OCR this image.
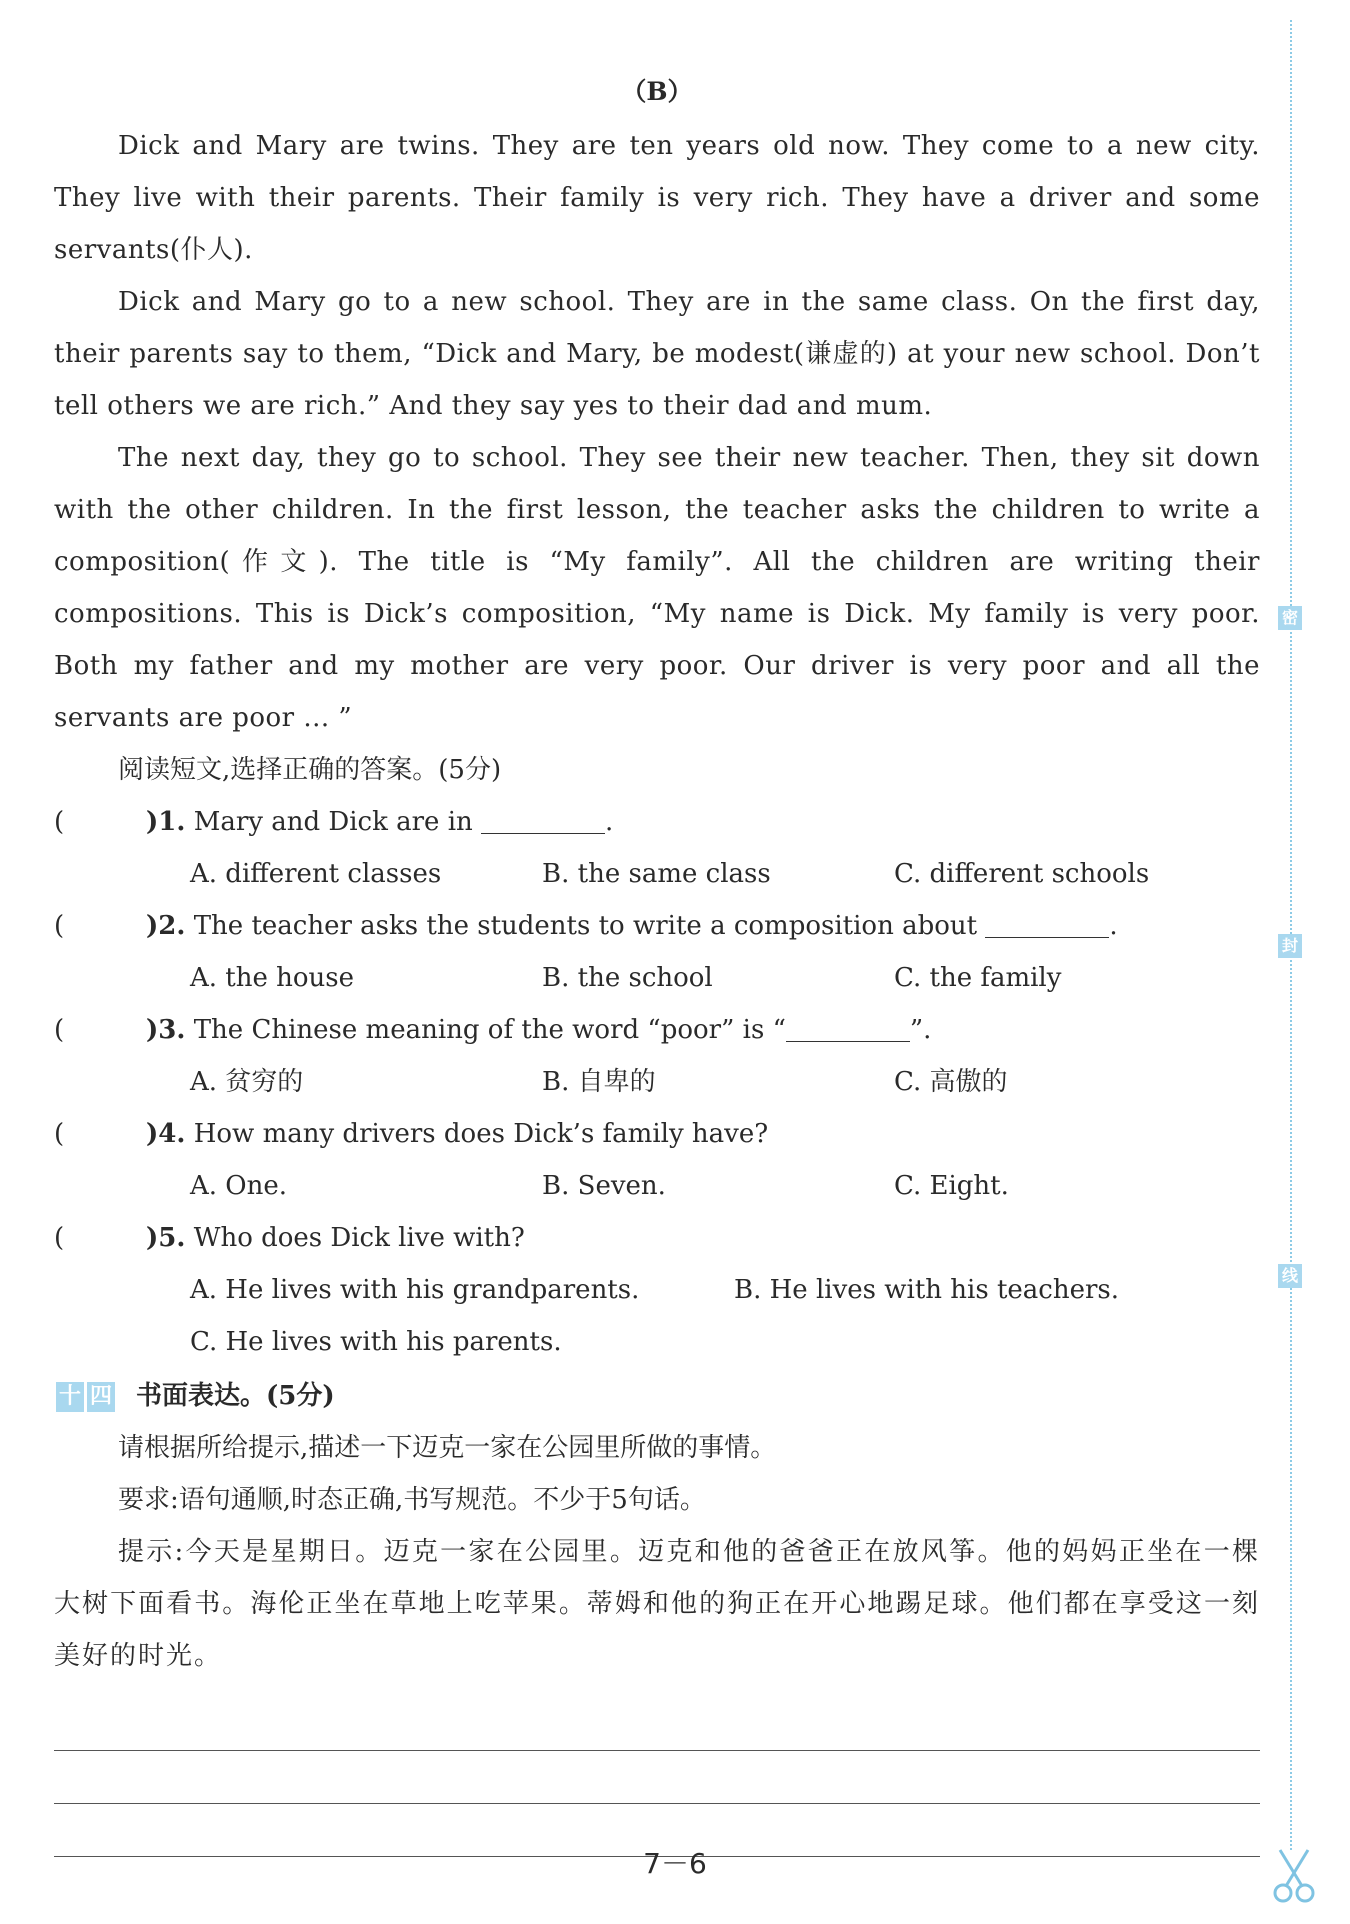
密
封
线
（B）

Dick and Mary are twins. They are ten years old now. They come to a new city. They live with their parents. Their family is very rich. They have a driver and some servants(仆人).

Dick and Mary go to a new school. They are in the same class. On the first day, their parents say to them, “Dick and Mary, be modest(谦虚的) at your new school. Don’t tell others we are rich.” And they say yes to their dad and mum.

The next day, they go to school. They see their new teacher. Then, they sit down with the other children. In the first lesson, the teacher asks the children to write a composition(作文). The title is “My family”. All the children are writing their compositions. This is Dick’s composition, “My name is Dick. My family is very poor. Both my father and my mother are very poor. Our driver is very poor and all the servants are poor ... ”

阅读短文,选择正确的答案。(5分)

(	)1. Mary and Dick are in	.
A. different classes	B. the same class	C. different schools
(	)2. The teacher asks the students to write a composition about	.
A. the house	B. the school	C. the family
(	)3. The Chinese meaning of the word “poor” is “	”.
A. 贫穷的	B. 自卑的	C. 高傲的
(	)4. How many drivers does Dick’s family have?
A. One.	B. Seven.	C. Eight.
(	)5. Who does Dick live with?
A. He lives with his grandparents.	B. He lives with his teachers.
C. He lives with his parents.
十 四 书面表达。(5分)

请根据所给提示,描述一下迈克一家在公园里所做的事情。

要求:语句通顺,时态正确,书写规范。不少于5句话。

提示:今天是星期日。迈克一家在公园里。迈克和他的爸爸正在放风筝。他的妈妈正坐在一棵大树下面看书。海伦正坐在草地上吃苹果。蒂姆和他的狗正在开心地踢足球。他们都在享受这一刻美好的时光。

7－6
